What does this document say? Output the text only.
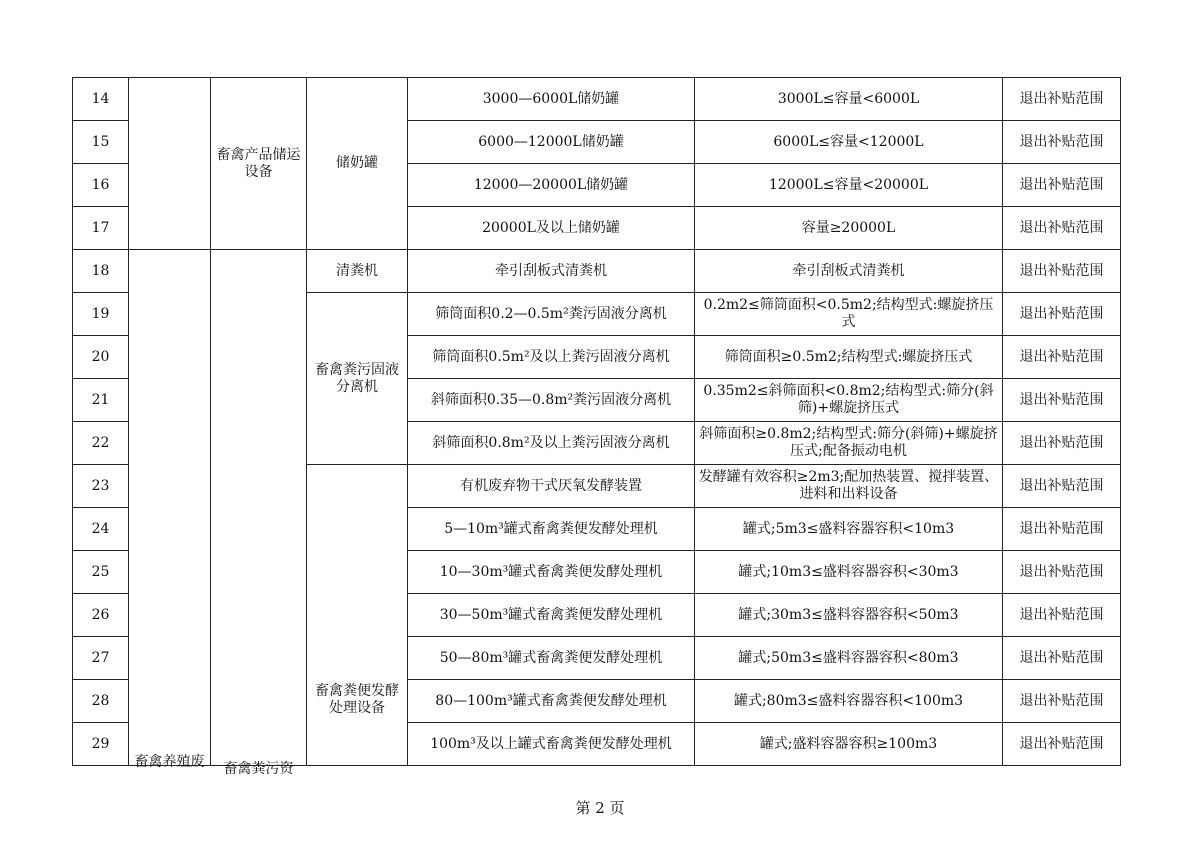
14		畜禽产品储运设备	储奶罐	3000—6000L储奶罐	3000L≤容量<6000L	退出补贴范围
15				6000—12000L储奶罐	6000L≤容量<12000L	退出补贴范围
16				12000—20000L储奶罐	12000L≤容量<20000L	退出补贴范围
17				20000L及以上储奶罐	容量≥20000L	退出补贴范围
18	畜禽养殖废	畜禽粪污资	清粪机	牵引刮板式清粪机	牵引刮板式清粪机	退出补贴范围
19			畜禽粪污固液分离机	筛筒面积0.2—0.5m²粪污固液分离机	0.2m2≤筛筒面积<0.5m2;结构型式:螺旋挤压式	退出补贴范围
20				筛筒面积0.5m²及以上粪污固液分离机	筛筒面积≥0.5m2;结构型式:螺旋挤压式	退出补贴范围
21				斜筛面积0.35—0.8m²粪污固液分离机	0.35m2≤斜筛面积<0.8m2;结构型式:筛分(斜筛)+螺旋挤压式	退出补贴范围
22				斜筛面积0.8m²及以上粪污固液分离机	斜筛面积≥0.8m2;结构型式:筛分(斜筛)+螺旋挤压式;配备振动电机	退出补贴范围
23			畜禽粪便发酵处理设备	有机废弃物干式厌氧发酵装置	发酵罐有效容积≥2m3;配加热装置、搅拌装置、进料和出料设备	退出补贴范围
24				5—10m³罐式畜禽粪便发酵处理机	罐式;5m3≤盛料容器容积<10m3	退出补贴范围
25				10—30m³罐式畜禽粪便发酵处理机	罐式;10m3≤盛料容器容积<30m3	退出补贴范围
26				30—50m³罐式畜禽粪便发酵处理机	罐式;30m3≤盛料容器容积<50m3	退出补贴范围
27				50—80m³罐式畜禽粪便发酵处理机	罐式;50m3≤盛料容器容积<80m3	退出补贴范围
28				80—100m³罐式畜禽粪便发酵处理机	罐式;80m3≤盛料容器容积<100m3	退出补贴范围
29				100m³及以上罐式畜禽粪便发酵处理机	罐式;盛料容器容积≥100m3	退出补贴范围
第 2 页
